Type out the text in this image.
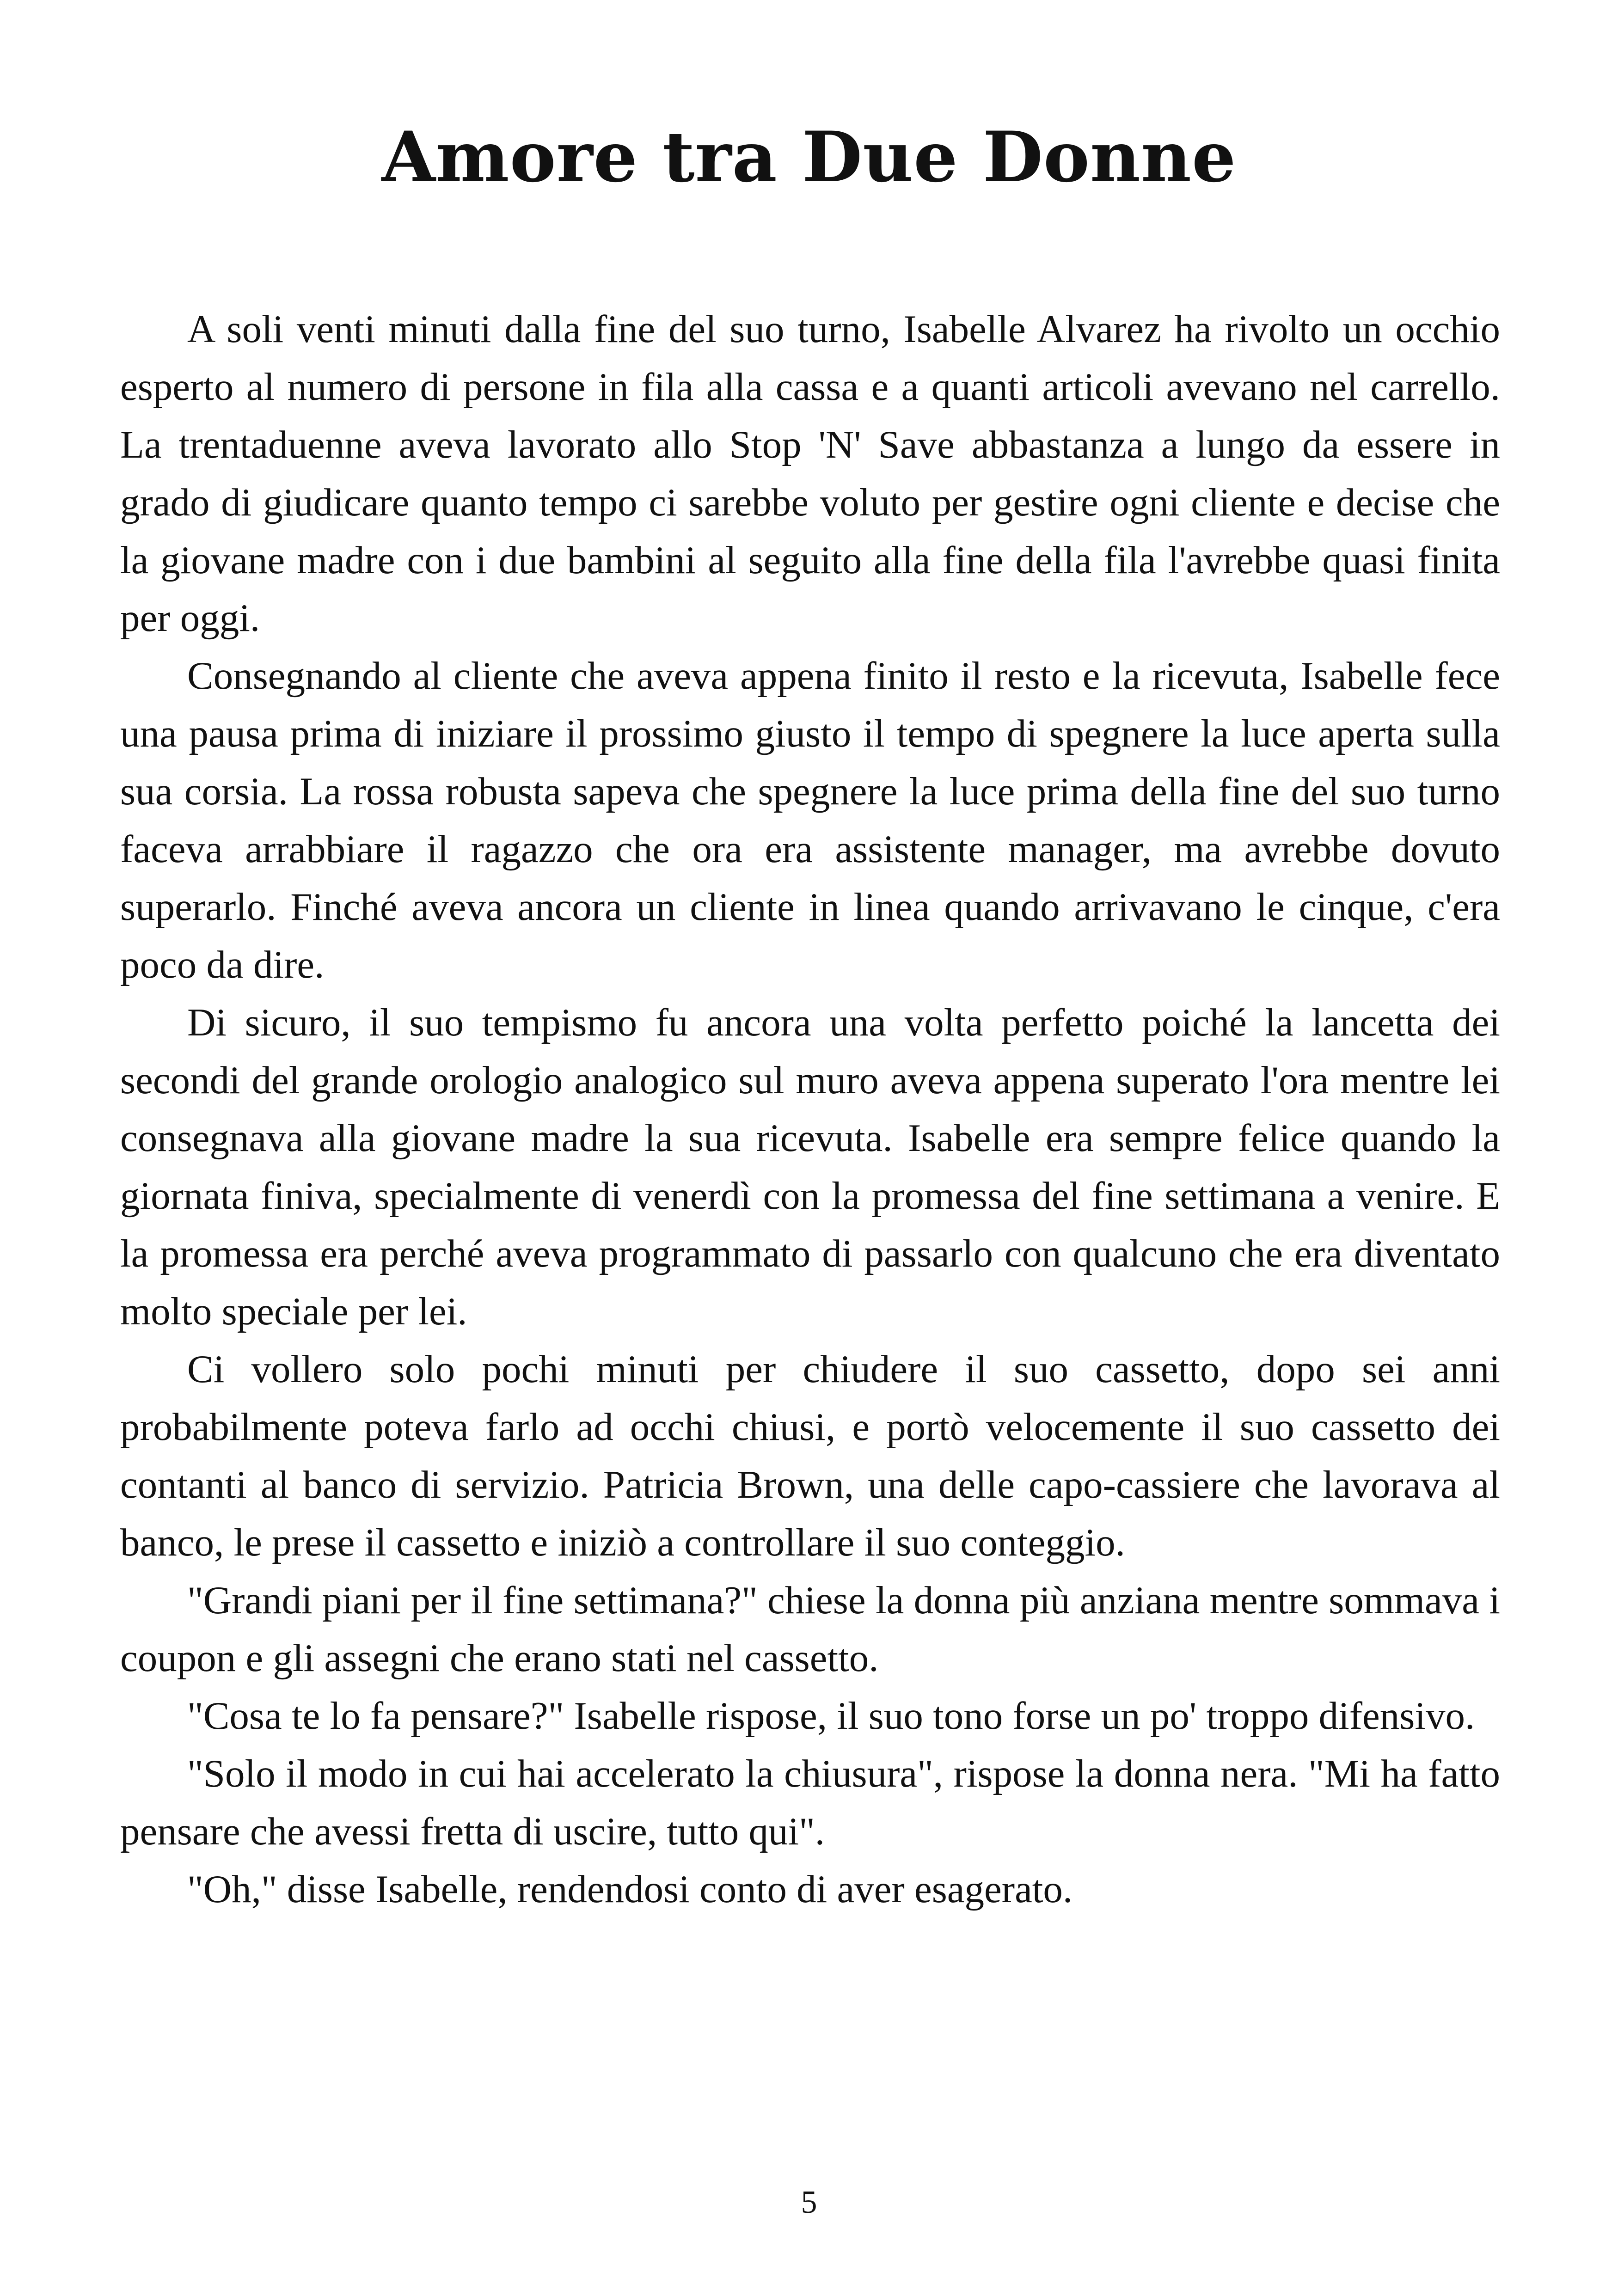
Amore tra Due Donne

A soli venti minuti dalla fine del suo turno, Isabelle Alvarez ha rivolto un occhio esperto al numero di persone in fila alla cassa e a quanti articoli avevano nel carrello. La trentaduenne aveva lavorato allo Stop 'N' Save abbastanza a lungo da essere in grado di giudicare quanto tempo ci sarebbe voluto per gestire ogni cliente e decise che la giovane madre con i due bambini al seguito alla fine della fila l'avrebbe quasi finita per oggi.

Consegnando al cliente che aveva appena finito il resto e la ricevuta, Isabelle fece una pausa prima di iniziare il prossimo giusto il tempo di spegnere la luce aperta sulla sua corsia. La rossa robusta sapeva che spegnere la luce prima della fine del suo turno faceva arrabbiare il ragazzo che ora era assistente manager, ma avrebbe dovuto superarlo. Finché aveva ancora un cliente in linea quando arrivavano le cinque, c'era poco da dire.

Di sicuro, il suo tempismo fu ancora una volta perfetto poiché la lancetta dei secondi del grande orologio analogico sul muro aveva appena superato l'ora mentre lei consegnava alla giovane madre la sua ricevuta. Isabelle era sempre felice quando la giornata finiva, specialmente di venerdì con la promessa del fine settimana a venire. E la promessa era perché aveva programmato di passarlo con qualcuno che era diventato molto speciale per lei.

Ci vollero solo pochi minuti per chiudere il suo cassetto, dopo sei anni probabilmente poteva farlo ad occhi chiusi, e portò velocemente il suo cassetto dei contanti al banco di servizio. Patricia Brown, una delle capo-cassiere che lavorava al banco, le prese il cassetto e iniziò a controllare il suo conteggio.

"Grandi piani per il fine settimana?" chiese la donna più anziana mentre sommava i coupon e gli assegni che erano stati nel cassetto.

"Cosa te lo fa pensare?" Isabelle rispose, il suo tono forse un po' troppo difensivo.

"Solo il modo in cui hai accelerato la chiusura", rispose la donna nera. "Mi ha fatto pensare che avessi fretta di uscire, tutto qui".

"Oh," disse Isabelle, rendendosi conto di aver esagerato.

5
